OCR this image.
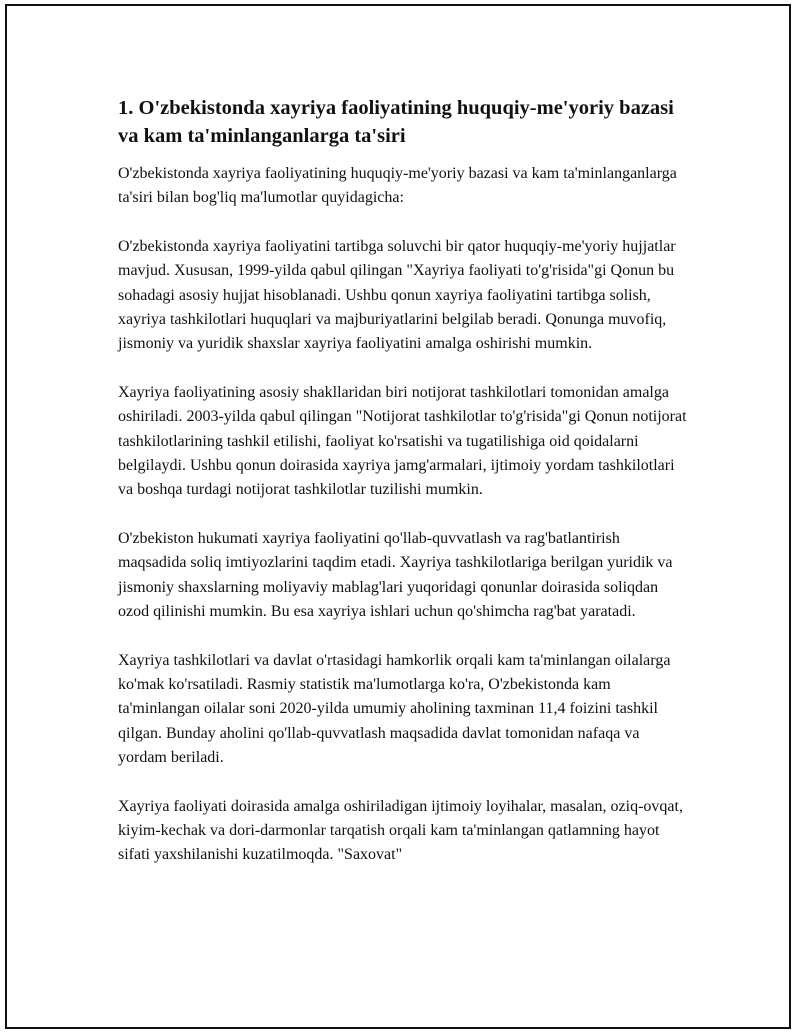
1. O'zbekistonda xayriya faoliyatining huquqiy-me'yoriy bazasi va kam ta'minlanganlarga ta'siri

O'zbekistonda xayriya faoliyatining huquqiy-me'yoriy bazasi va kam ta'minlanganlarga ta'siri bilan bog'liq ma'lumotlar quyidagicha:

O'zbekistonda xayriya faoliyatini tartibga soluvchi bir qator huquqiy-me'yoriy hujjatlar mavjud. Xususan, 1999-yilda qabul qilingan "Xayriya faoliyati to'g'risida"gi Qonun bu sohadagi asosiy hujjat hisoblanadi. Ushbu qonun xayriya faoliyatini tartibga solish, xayriya tashkilotlari huquqlari va majburiyatlarini belgilab beradi. Qonunga muvofiq, jismoniy va yuridik shaxslar xayriya faoliyatini amalga oshirishi mumkin.

Xayriya faoliyatining asosiy shakllaridan biri notijorat tashkilotlari tomonidan amalga oshiriladi. 2003-yilda qabul qilingan "Notijorat tashkilotlar to'g'risida"gi Qonun notijorat tashkilotlarining tashkil etilishi, faoliyat ko'rsatishi va tugatilishiga oid qoidalarni belgilaydi. Ushbu qonun doirasida xayriya jamg'armalari, ijtimoiy yordam tashkilotlari va boshqa turdagi notijorat tashkilotlar tuzilishi mumkin.

O'zbekiston hukumati xayriya faoliyatini qo'llab-quvvatlash va rag'batlantirish maqsadida soliq imtiyozlarini taqdim etadi. Xayriya tashkilotlariga berilgan yuridik va jismoniy shaxslarning moliyaviy mablag'lari yuqoridagi qonunlar doirasida soliqdan ozod qilinishi mumkin. Bu esa xayriya ishlari uchun qo'shimcha rag'bat yaratadi.

Xayriya tashkilotlari va davlat o'rtasidagi hamkorlik orqali kam ta'minlangan oilalarga ko'mak ko'rsatiladi. Rasmiy statistik ma'lumotlarga ko'ra, O'zbekistonda kam ta'minlangan oilalar soni 2020-yilda umumiy aholining taxminan 11,4 foizini tashkil qilgan. Bunday aholini qo'llab-quvvatlash maqsadida davlat tomonidan nafaqa va yordam beriladi.

Xayriya faoliyati doirasida amalga oshiriladigan ijtimoiy loyihalar, masalan, oziq-ovqat, kiyim-kechak va dori-darmonlar tarqatish orqali kam ta'minlangan qatlamning hayot sifati yaxshilanishi kuzatilmoqda. "Saxovat"
